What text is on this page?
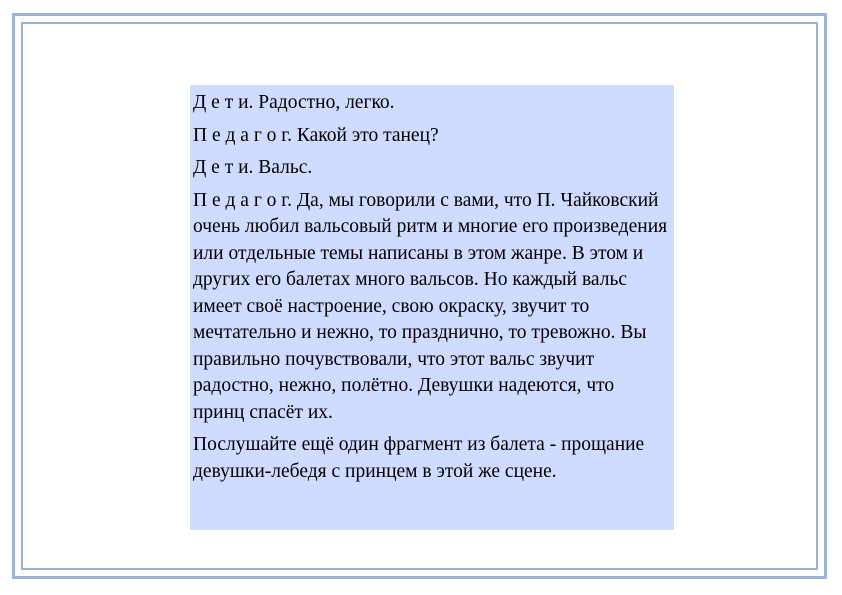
Д е т и. Радостно, легко.

П е д а г о г. Какой это танец?

Д е т и. Вальс.

П е д а г о г. Да, мы говорили с вами, что П. Чайковский очень любил вальсовый ритм и многие его произведения или отдельные темы написаны в этом жанре. В этом и других его балетах много вальсов. Но каждый вальс имеет своё настроение, свою окраску, звучит то мечтательно и нежно, то празднично, то тревожно. Вы правильно почувствовали, что этот вальс звучит радостно, нежно, полётно. Девушки надеются, что принц спасёт их.

Послушайте ещё один фрагмент из балета - прощание девушки-лебедя с принцем в этой же сцене.
